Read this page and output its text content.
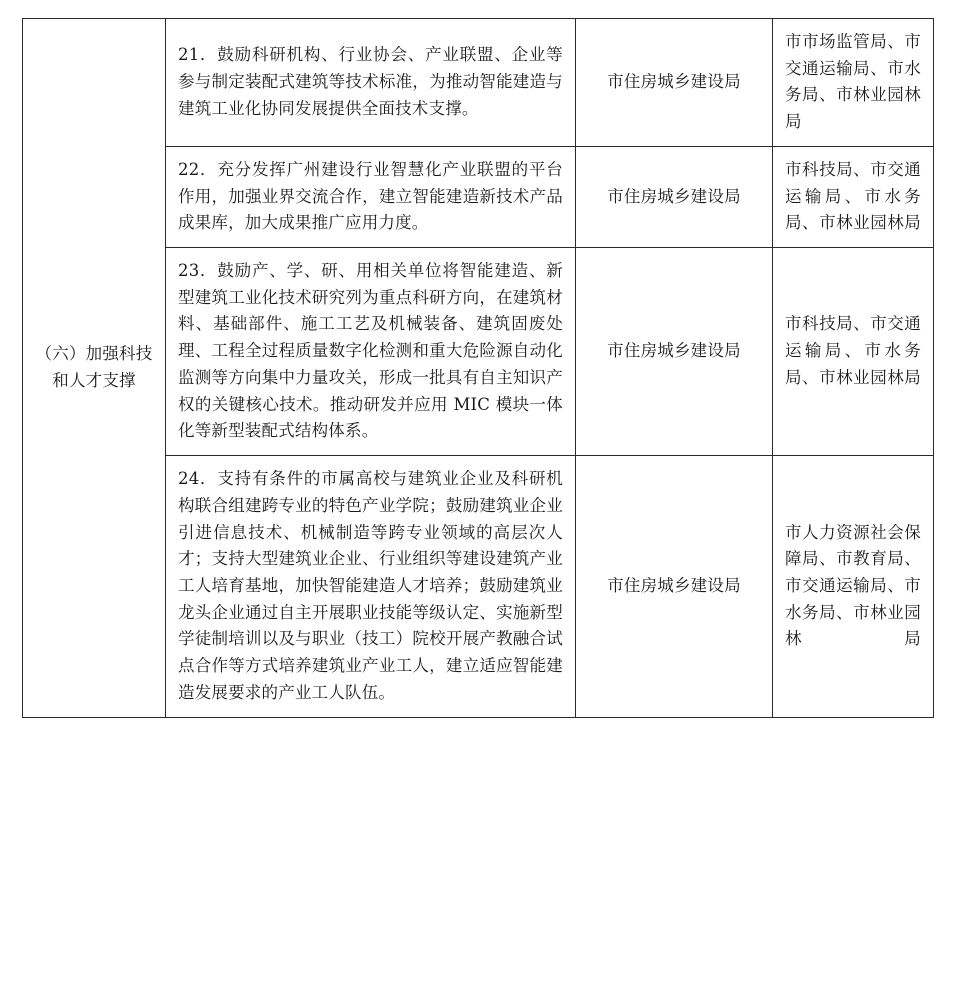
（六）加强科技和人才支撑	21．鼓励科研机构、行业协会、产业联盟、企业等参与制定装配式建筑等技术标准，为推动智能建造与建筑工业化协同发展提供全面技术支撑。	市住房城乡建设局	市市场监管局、市交通运输局、市水务局、市林业园林局

	22．充分发挥广州建设行业智慧化产业联盟的平台作用，加强业界交流合作，建立智能建造新技术产品成果库，加大成果推广应用力度。	市住房城乡建设局	市科技局、市交通运输局、市水务局、市林业园林局

	23．鼓励产、学、研、用相关单位将智能建造、新型建筑工业化技术研究列为重点科研方向，在建筑材料、基础部件、施工工艺及机械装备、建筑固废处理、工程全过程质量数字化检测和重大危险源自动化监测等方向集中力量攻关，形成一批具有自主知识产权的关键核心技术。推动研发并应用 MIC 模块一体化等新型装配式结构体系。	市住房城乡建设局	市科技局、市交通运输局、市水务局、市林业园林局

	24．支持有条件的市属高校与建筑业企业及科研机构联合组建跨专业的特色产业学院；鼓励建筑业企业引进信息技术、机械制造等跨专业领域的高层次人才；支持大型建筑业企业、行业组织等建设建筑产业工人培育基地，加快智能建造人才培养；鼓励建筑业龙头企业通过自主开展职业技能等级认定、实施新型学徒制培训以及与职业（技工）院校开展产教融合试点合作等方式培养建筑业产业工人，建立适应智能建造发展要求的产业工人队伍。	市住房城乡建设局	市人力资源社会保障局、市教育局、市交通运输局、市水务局、市林业园林局
